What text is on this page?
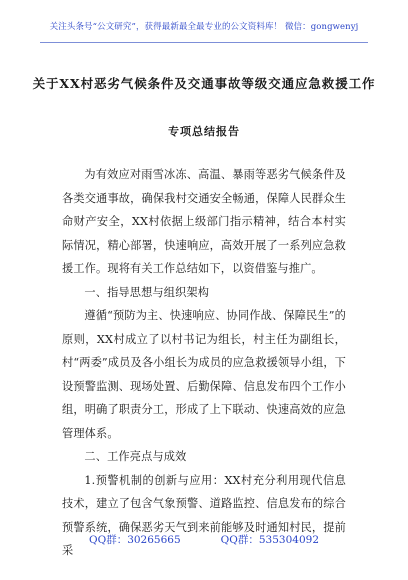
关注头条号“公文研究”，获得最新最全最专业的公文资料库！ 微信：gongwenyj
关于XX村恶劣气候条件及交通事故等级交通应急救援工作
专项总结报告

为有效应对雨雪冰冻、高温、暴雨等恶劣气候条件及各类交通事故，确保我村交通安全畅通，保障人民群众生命财产安全，XX村依据上级部门指示精神，结合本村实际情况，精心部署，快速响应，高效开展了一系列应急救援工作。现将有关工作总结如下，以资借鉴与推广。

一、指导思想与组织架构

遵循“预防为主、快速响应、协同作战、保障民生”的原则，XX村成立了以村书记为组长，村主任为副组长，村“两委”成员及各小组长为成员的应急救援领导小组，下设预警监测、现场处置、后勤保障、信息发布四个工作小组，明确了职责分工，形成了上下联动、快速高效的应急管理体系。

二、工作亮点与成效

1.预警机制的创新与应用：XX村充分利用现代信息技术，建立了包含气象预警、道路监控、信息发布的综合预警系统，确保恶劣天气到来前能够及时通知村民，提前采

QQ群：30265665	QQ群：535304092
